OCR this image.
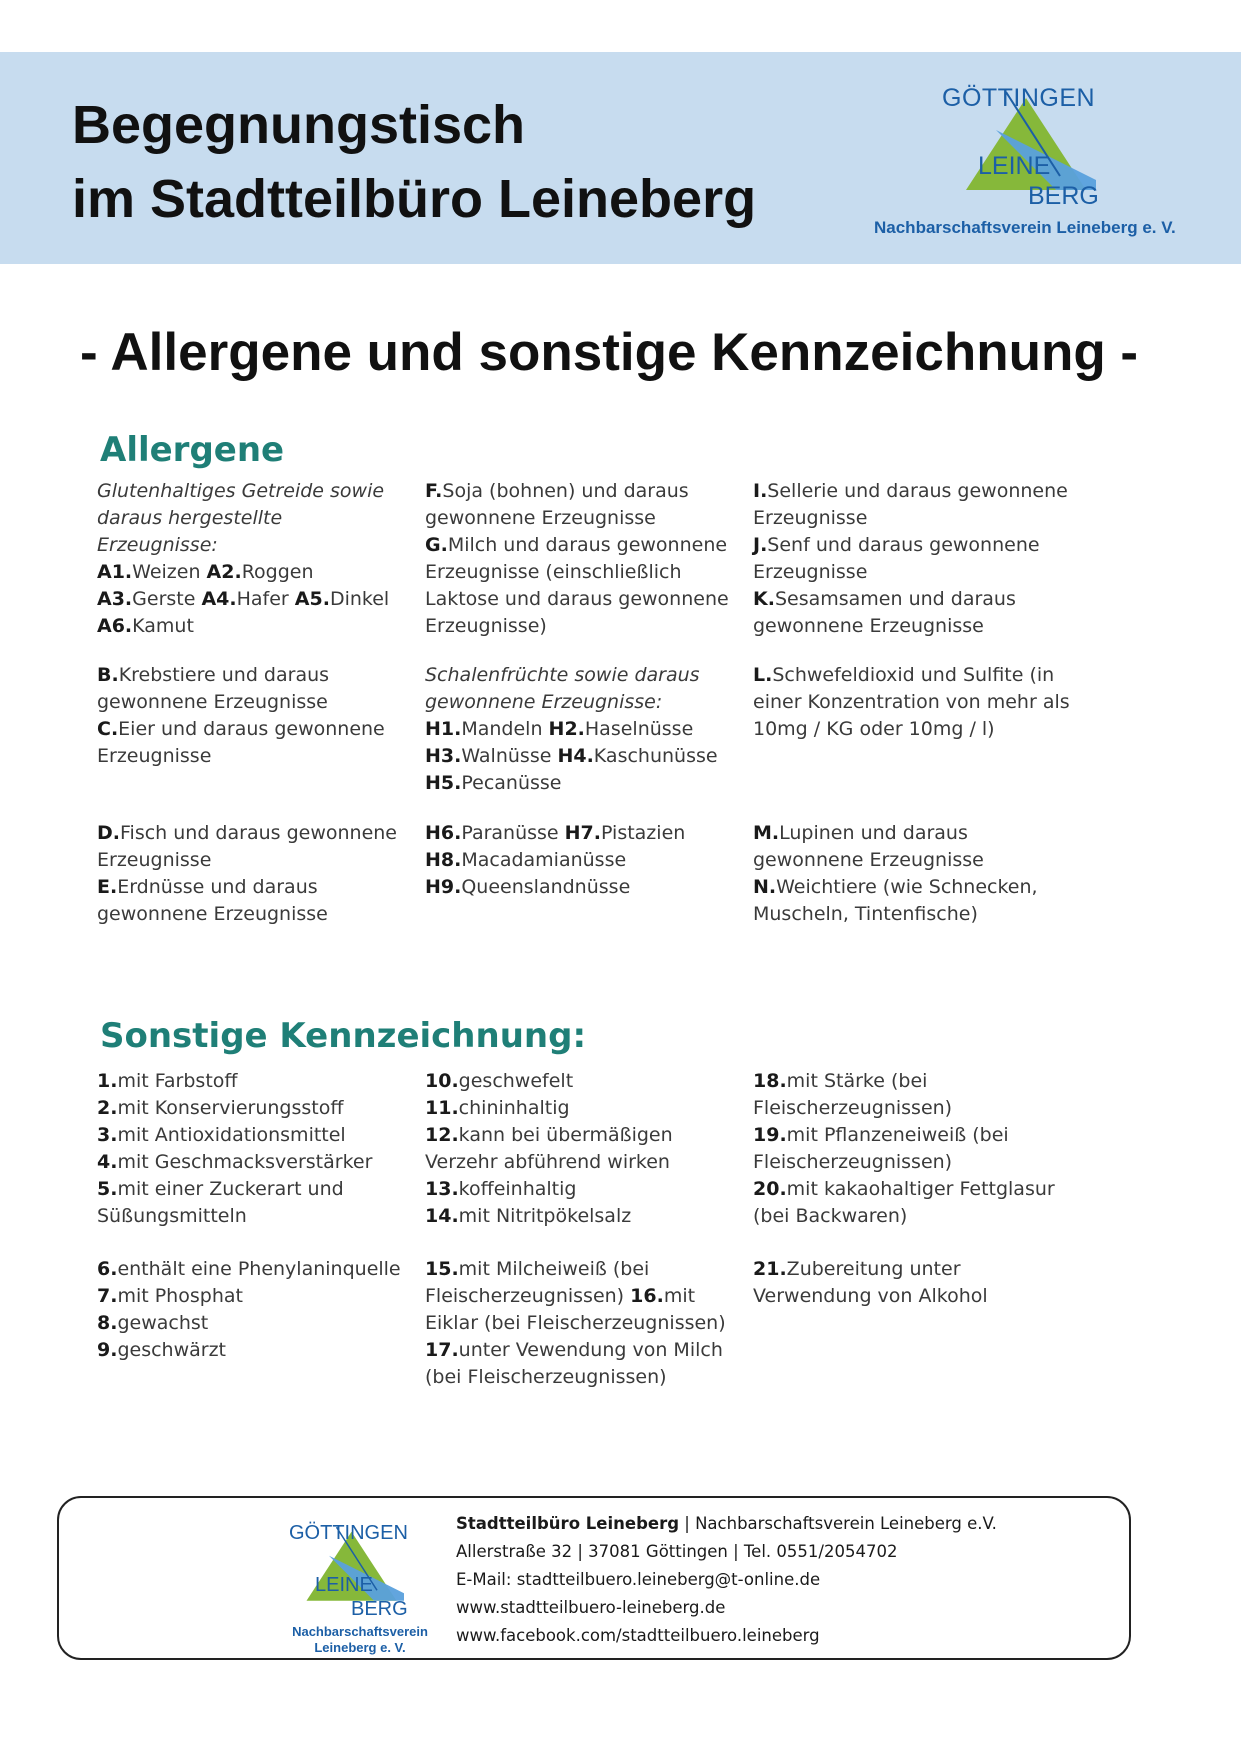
Begegnungstisch
im Stadtteilbüro Leineberg
GÖTTINGEN
LEINE
BERG
Nachbarschaftsverein Leineberg e. V.
- Allergene und sonstige Kennzeichnung -
Allergene
Glutenhaltiges Getreide sowie
daraus hergestellte
Erzeugnisse:
A1.Weizen A2.Roggen
A3.Gerste A4.Hafer A5.Dinkel
A6.Kamut
F.Soja (bohnen) und daraus
gewonnene Erzeugnisse
G.Milch und daraus gewonnene
Erzeugnisse (einschließlich
Laktose und daraus gewonnene
Erzeugnisse)
I.Sellerie und daraus gewonnene
Erzeugnisse
J.Senf und daraus gewonnene
Erzeugnisse
K.Sesamsamen und daraus
gewonnene Erzeugnisse
B.Krebstiere und daraus
gewonnene Erzeugnisse
C.Eier und daraus gewonnene
Erzeugnisse
Schalenfrüchte sowie daraus
gewonnene Erzeugnisse:
H1.Mandeln H2.Haselnüsse
H3.Walnüsse H4.Kaschunüsse
H5.Pecanüsse
L.Schwefeldioxid und Sulfite (in
einer Konzentration von mehr als
10mg / KG oder 10mg / l)
D.Fisch und daraus gewonnene
Erzeugnisse
E.Erdnüsse und daraus
gewonnene Erzeugnisse
H6.Paranüsse H7.Pistazien
H8.Macadamianüsse
H9.Queenslandnüsse
M.Lupinen und daraus
gewonnene Erzeugnisse
N.Weichtiere (wie Schnecken,
Muscheln, Tintenfische)
Sonstige Kennzeichnung:
1.mit Farbstoff
2.mit Konservierungsstoff
3.mit Antioxidationsmittel
4.mit Geschmacksverstärker
5.mit einer Zuckerart und
Süßungsmitteln
10.geschwefelt
11.chininhaltig
12.kann bei übermäßigen
Verzehr abführend wirken
13.koffeinhaltig
14.mit Nitritpökelsalz
18.mit Stärke (bei
Fleischerzeugnissen)
19.mit Pflanzeneiweiß (bei
Fleischerzeugnissen)
20.mit kakaohaltiger Fettglasur
(bei Backwaren)
6.enthält eine Phenylaninquelle
7.mit Phosphat
8.gewachst
9.geschwärzt
15.mit Milcheiweiß (bei
Fleischerzeugnissen) 16.mit
Eiklar (bei Fleischerzeugnissen)
17.unter Vewendung von Milch
(bei Fleischerzeugnissen)
21.Zubereitung unter
Verwendung von Alkohol
GÖTTINGEN
LEINE
BERG
Nachbarschaftsverein
Leineberg e. V.
Stadtteilbüro Leineberg | Nachbarschaftsverein Leineberg e.V.
Allerstraße 32 | 37081 Göttingen | Tel. 0551/2054702
E-Mail: stadtteilbuero.leineberg@t-online.de
www.stadtteilbuero-leineberg.de
www.facebook.com/stadtteilbuero.leineberg
